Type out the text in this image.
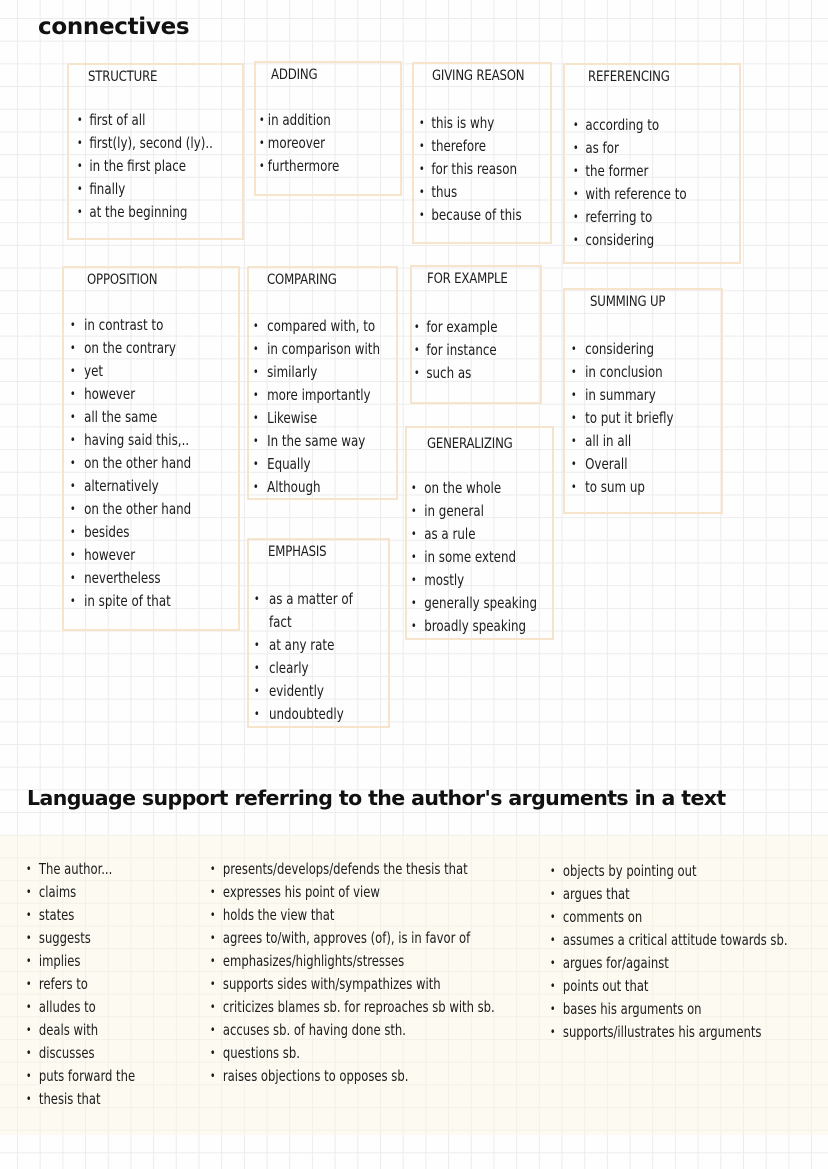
connectives
STRUCTURE
• first of all
• first(ly), second (ly)..
• in the first place
• finally
• at the beginning
ADDING
• in addition
• moreover
• furthermore
GIVING REASON
• this is why
• therefore
• for this reason
• thus
• because of this
REFERENCING
• according to
• as for
• the former
• with reference to
• referring to
• considering
OPPOSITION
• in contrast to
• on the contrary
• yet
• however
• all the same
• having said this,..
• on the other hand
• alternatively
• on the other hand
• besides
• however
• nevertheless
• in spite of that
COMPARING
• compared with, to
• in comparison with
• similarly
• more importantly
• Likewise
• In the same way
• Equally
• Although
FOR EXAMPLE
• for example
• for instance
• such as
SUMMING UP
• considering
• in conclusion
• in summary
• to put it briefly
• all in all
• Overall
• to sum up
GENERALIZING
• on the whole
• in general
• as a rule
• in some extend
• mostly
• generally speaking
• broadly speaking
EMPHASIS
• as a matter of
fact
• at any rate
• clearly
• evidently
• undoubtedly
Language support referring to the author's arguments in a text
• The author...
• claims
• states
• suggests
• implies
• refers to
• alludes to
• deals with
• discusses
• puts forward the
• thesis that
• presents/develops/defends the thesis that
• expresses his point of view
• holds the view that
• agrees to/with, approves (of), is in favor of
• emphasizes/highlights/stresses
• supports sides with/sympathizes with
• criticizes blames sb. for reproaches sb with sb.
• accuses sb. of having done sth.
• questions sb.
• raises objections to opposes sb.
• objects by pointing out
• argues that
• comments on
• assumes a critical attitude towards sb.
• argues for/against
• points out that
• bases his arguments on
• supports/illustrates his arguments
